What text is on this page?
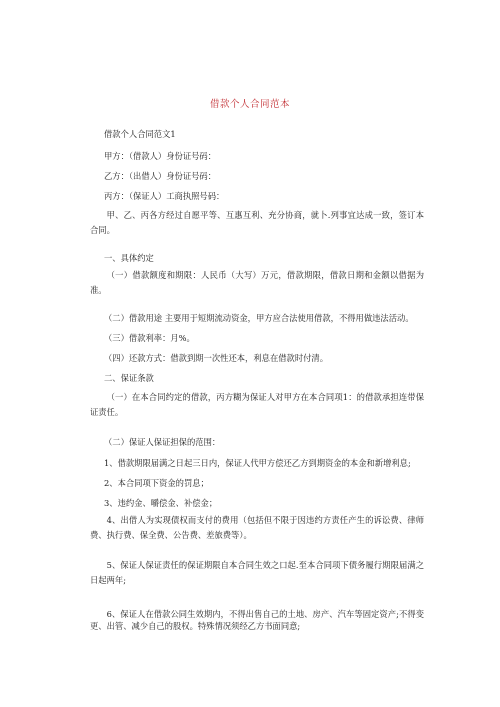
借款个人合同范本
借款个人合同范文1
甲方：（借款人）身份证号码：
乙方：（出借人）身份证号码：
丙方：（保证人）工商执照号码：
甲、乙、丙各方经过自愿平等、互惠互利、充分协商，就卜.列事宜达成一致，签订本合同。
一、具体约定
（一）借款额度和期限：人民币（大写）万元，借款期限，借款日期和金额以借据为准。
（二）借款用途 主要用于短期流动资金，甲方应合法使用借款，不得用做违法活动。
（三）借款利率：月%。
（四）还款方式：借款到期一次性还本，利息在借款时付清。
二、保证条款
（一）在本合同约定的借款，丙方糊为保证人对甲方在本合同项1：的借款承担连带保证责任。
（二）保证人保证担保的范围：
1、借款期限届满之日起三日内，保证人代甲方偿还乙方到期资金的本金和新增利息;
2、本合同项下资金的罚息；
3、违约金、嚼偿金、补偿金；
4、出借人为实现债权而支付的费用（包括但不限于因违约方责任产生的诉讼费、律师费、执行费、保全费、公告费、差旅费等）。
5、保证人保证责任的保证期限自本合同生效之口起.至本合同项下债务履行期限届满之日起两年;
6、保证人在借款公同生效期内，不得出售自己的土地、房产、汽车等固定资产;不得变更、出管、减少自己的股权。特殊情况须经乙方书面同意;
